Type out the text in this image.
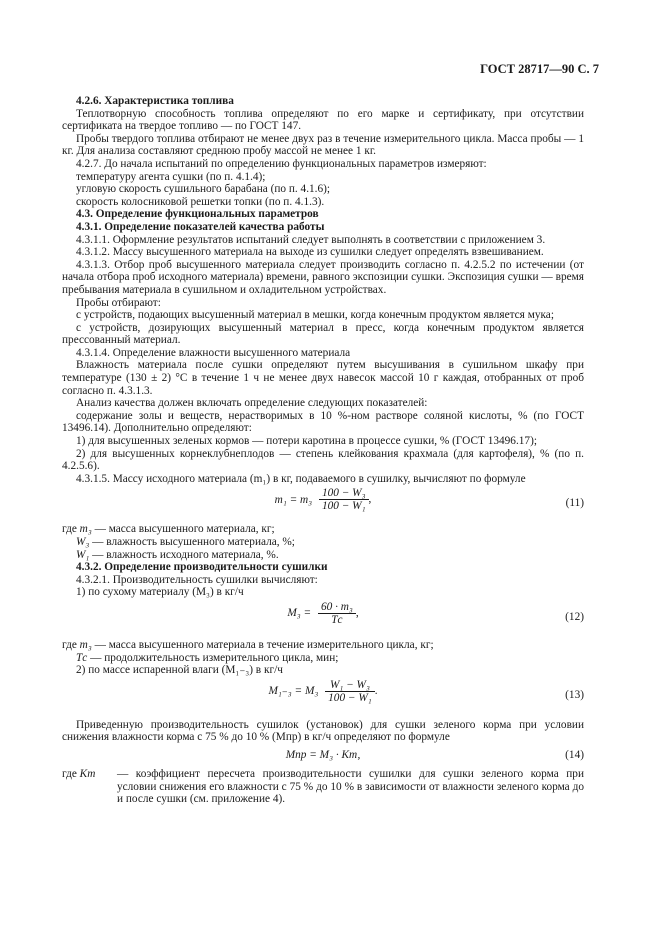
ГОСТ 28717—90 С. 7

4.2.6. Характеристика топлива

Теплотворную способность топлива определяют по его марке и сертификату, при отсутствии сертификата на твердое топливо — по ГОСТ 147.

Пробы твердого топлива отбирают не менее двух раз в течение измерительного цикла. Масса пробы — 1 кг. Для анализа составляют среднюю пробу массой не менее 1 кг.

4.2.7. До начала испытаний по определению функциональных параметров измеряют:

температуру агента сушки (по п. 4.1.4);

угловую скорость сушильного барабана (по п. 4.1.6);

скорость колосниковой решетки топки (по п. 4.1.3).

4.3. Определение функциональных параметров

4.3.1. Определение показателей качества работы

4.3.1.1. Оформление результатов испытаний следует выполнять в соответствии с приложением 3.

4.3.1.2. Массу высушенного материала на выходе из сушилки следует определять взвешиванием.

4.3.1.3. Отбор проб высушенного материала следует производить согласно п. 4.2.5.2 по истечении (от начала отбора проб исходного материала) времени, равного экспозиции сушки. Экспозиция сушки — время пребывания материала в сушильном и охладительном устройствах.

Пробы отбирают:

с устройств, подающих высушенный материал в мешки, когда конечным продуктом является мука;

с устройств, дозирующих высушенный материал в пресс, когда конечным продуктом является прессованный материал.

4.3.1.4. Определение влажности высушенного материала

Влажность материала после сушки определяют путем высушивания в сушильном шкафу при температуре (130 ± 2) °С в течение 1 ч не менее двух навесок массой 10 г каждая, отобранных от проб согласно п. 4.3.1.3.

Анализ качества должен включать определение следующих показателей:

содержание золы и веществ, нерастворимых в 10 %-ном растворе соляной кислоты, % (по ГОСТ 13496.14). Дополнительно определяют:

1) для высушенных зеленых кормов — потери каротина в процессе сушки, % (ГОСТ 13496.17);

2) для высушенных корнеклубнеплодов — степень клейкования крахмала (для картофеля), % (по п. 4.2.5.6).

4.3.1.5. Массу исходного материала (m₁) в кг, подаваемого в сушилку, вычисляют по формуле

$m_1 = m_3 \frac{\text{100 − W₃}}{\text{100 − W₁}}$ ,	(11)

где m₃ — масса высушенного материала, кг;

W₃ — влажность высушенного материала, %;

W₁ — влажность исходного материала, %.

4.3.2. Определение производительности сушилки

4.3.2.1. Производительность сушилки вычисляют:

1) по сухому материалу (M₃) в кг/ч

$M_3 = \frac{\text{60 · m₃}}{Tс}$ ,	(12)

где m₃ — масса высушенного материала в течение измерительного цикла, кг;

Tс — продолжительность измерительного цикла, мин;

2) по массе испаренной влаги (M₁₋₃) в кг/ч

$M_{1-3} = M_3 \frac{\text{W₁ − W₃}}{\text{100 − W₁}}$ .	(13)

Приведенную производительность сушилок (установок) для сушки зеленого корма при условии снижения влажности корма с 75 % до 10 % (Mпр) в кг/ч определяют по формуле

Mпр = M₃ · Kт,	(14)
где Kт	— коэффициент пересчета производительности сушилки для сушки зеленого корма при условии снижения его влажности с 75 % до 10 % в зависимости от влажности зеленого корма до и после сушки (см. приложение 4).
